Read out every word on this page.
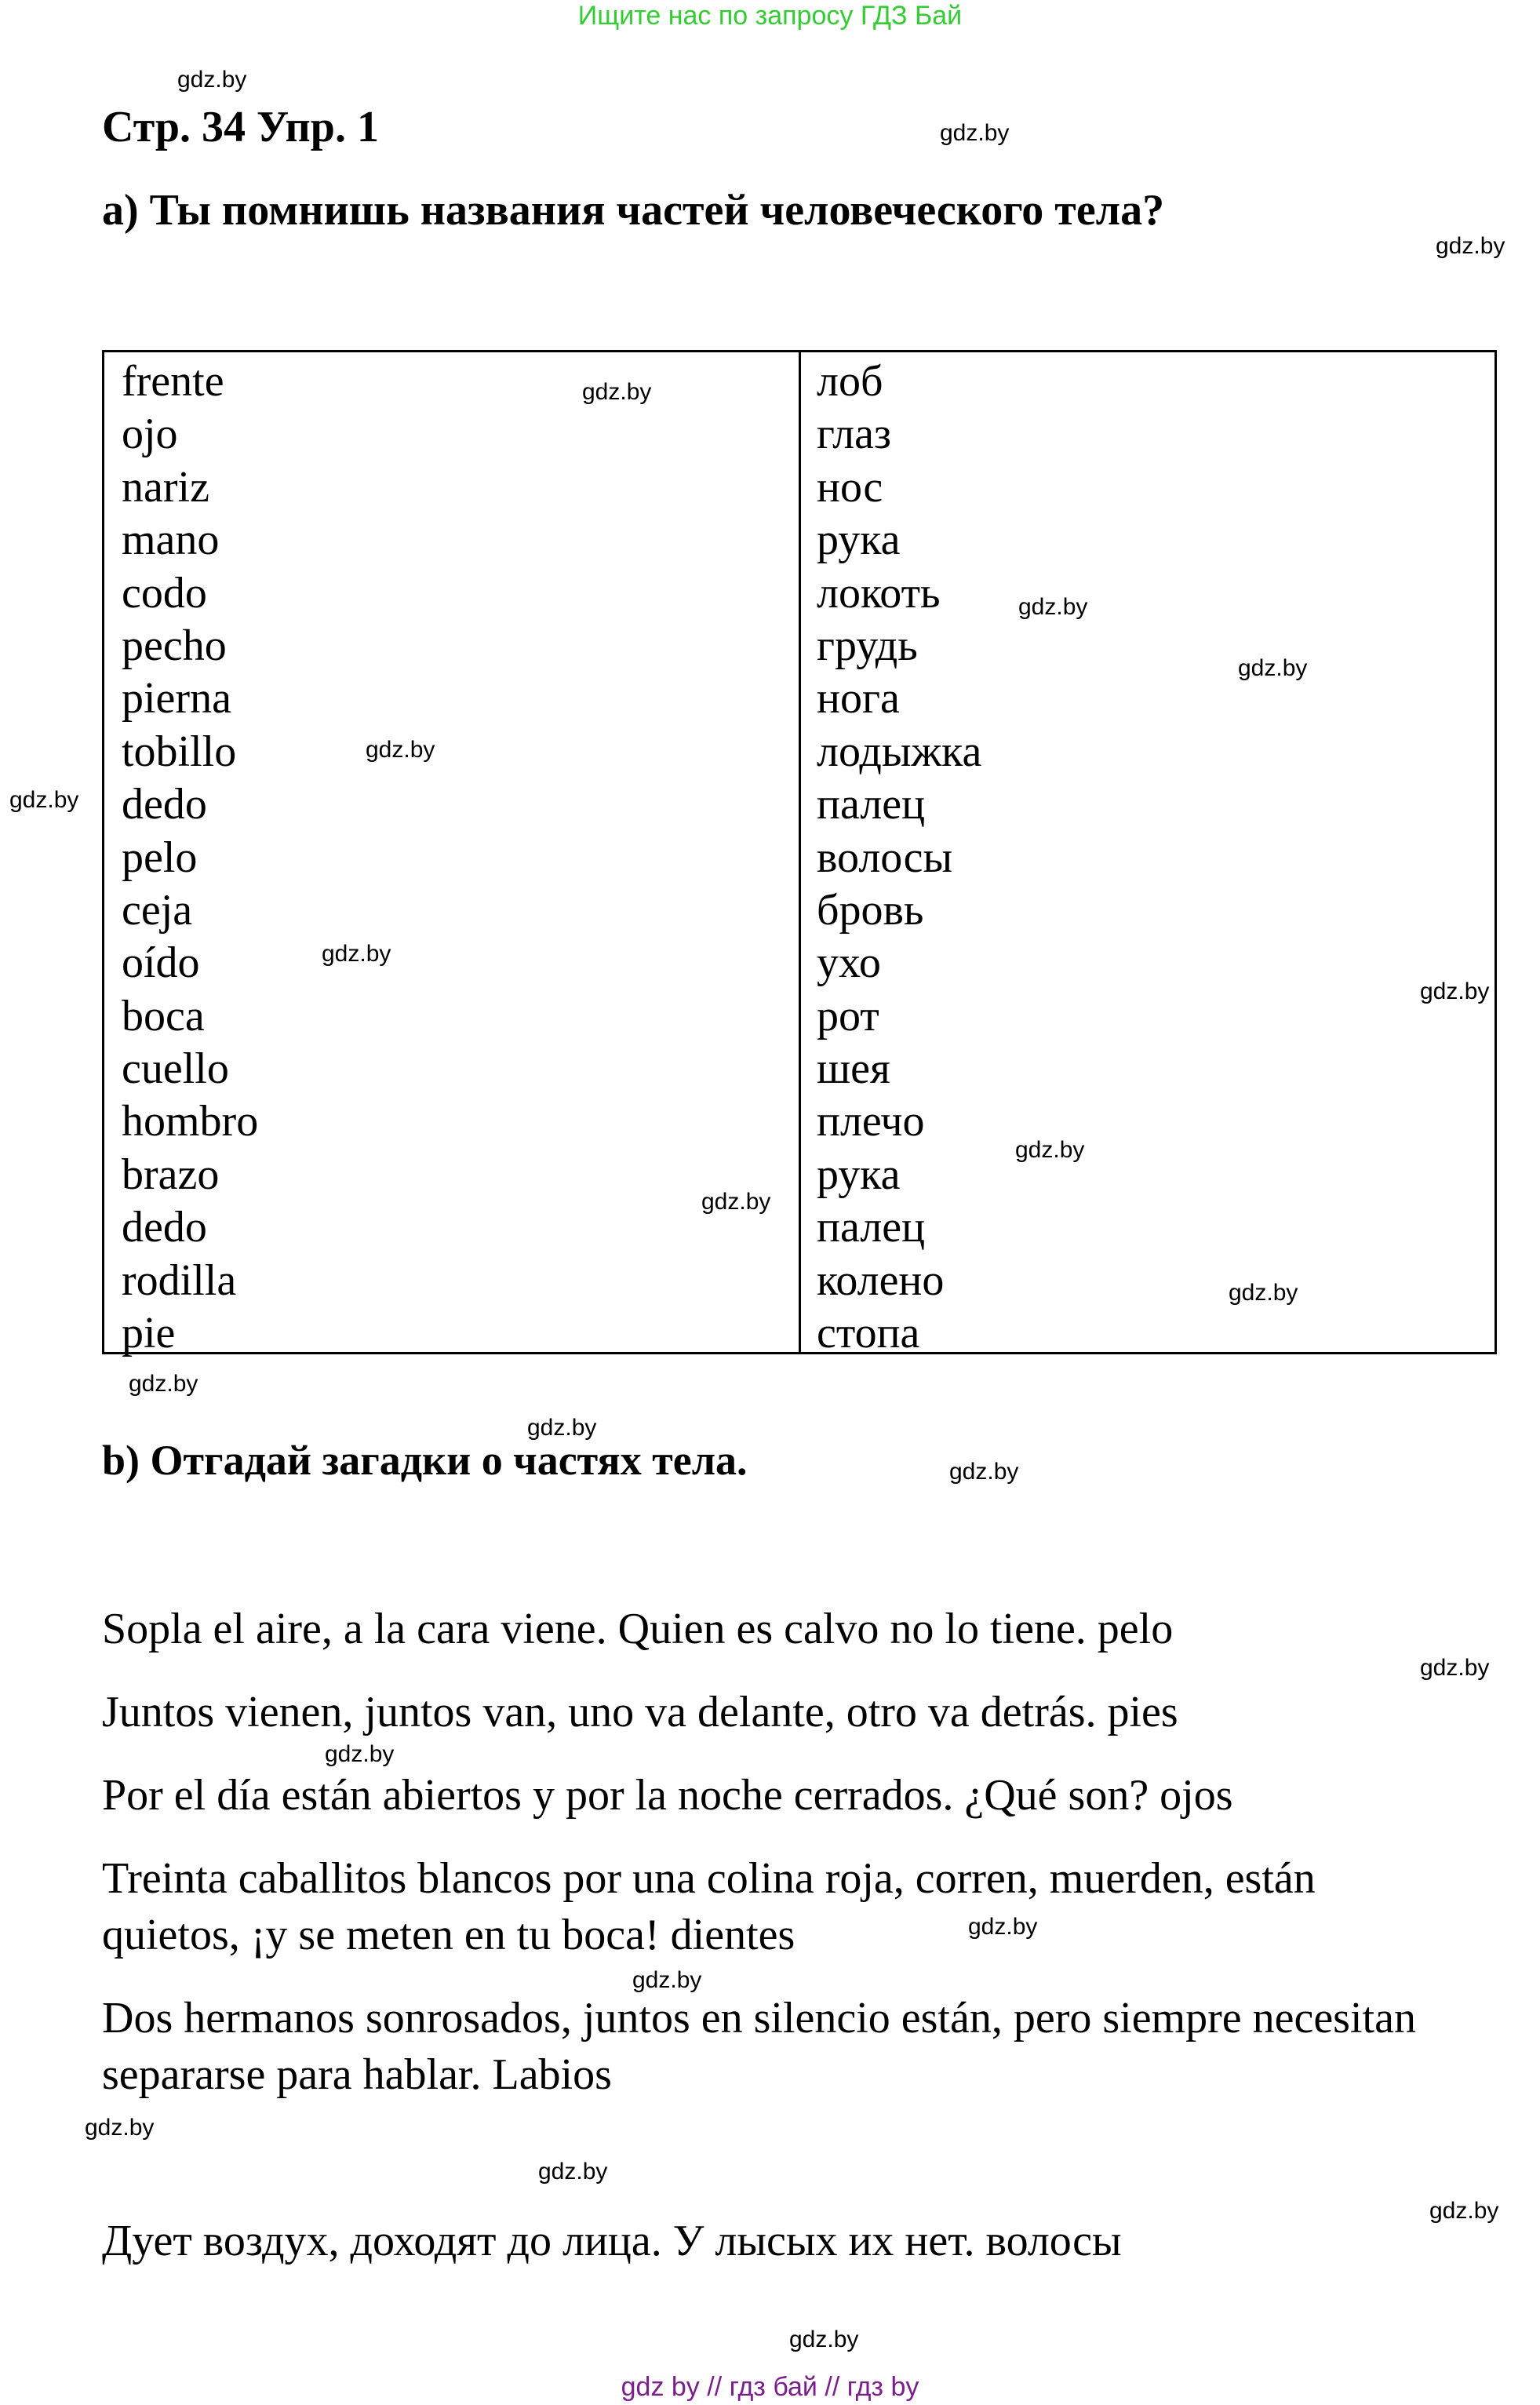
Ищите нас по запросу ГДЗ Бай
gdz.by
gdz.by
gdz.by
gdz.by
gdz.by
gdz.by
gdz.by
gdz.by
gdz.by
gdz.by
gdz.by
gdz.by
gdz.by
gdz.by
gdz.by
gdz.by
gdz.by
gdz.by
gdz.by
gdz.by
gdz.by
gdz.by
gdz.by
gdz.by
Стр. 34 Упр. 1
a) Ты помнишь названия частей человеческого тела?
frente
ojo
nariz
mano
codo
pecho
pierna
tobillo
dedo
pelo
ceja
oído
boca
cuello
hombro
brazo
dedo
rodilla
pie
лоб
глаз
нос
рука
локоть
грудь
нога
лодыжка
палец
волосы
бровь
ухо
рот
шея
плечо
рука
палец
колено
стопа
b) Отгадай загадки о частях тела.
Sopla el aire, a la cara viene. Quien es calvo no lo tiene. pelo
Juntos vienen, juntos van, uno va delante, otro va detrás. pies
Por el día están abiertos y por la noche cerrados. ¿Qué son? ojos
Treinta caballitos blancos por una colina roja, corren, muerden, están
quietos, ¡y se meten en tu boca! dientes
Dos hermanos sonrosados, juntos en silencio están, pero siempre necesitan
separarse para hablar. Labios
Дует воздух, доходят до лица. У лысых их нет. волосы
gdz by // гдз бай // гдз by
